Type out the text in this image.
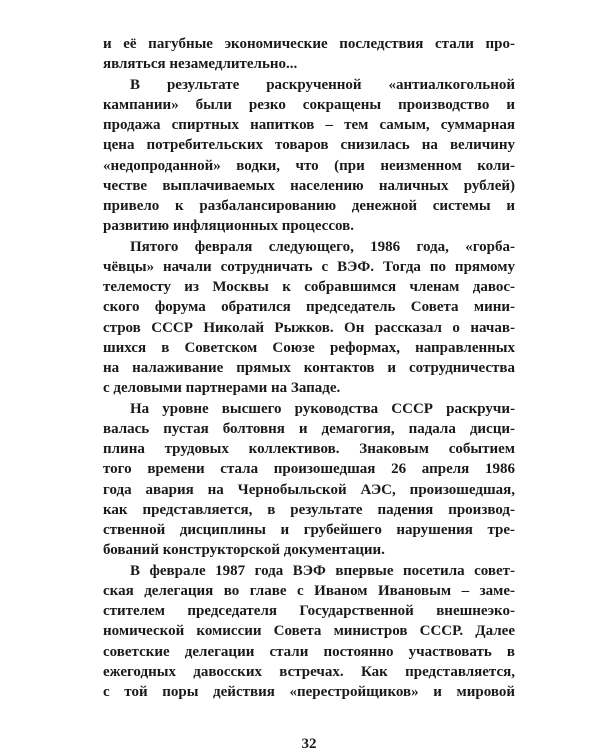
и её пагубные экономические последствия стали про-
являться незамедлительно...
В результате раскрученной «антиалкогольной
кампании» были резко сокращены производство и
продажа спиртных напитков – тем самым, суммарная
цена потребительских товаров снизилась на величину
«недопроданной» водки, что (при неизменном коли-
честве выплачиваемых населению наличных рублей)
привело к разбалансированию денежной системы и
развитию инфляционных процессов.
Пятого февраля следующего, 1986 года, «горба-
чёвцы» начали сотрудничать с ВЭФ. Тогда по прямому
телемосту из Москвы к собравшимся членам давос-
ского форума обратился председатель Совета мини-
стров СССР Николай Рыжков. Он рассказал о начав-
шихся в Советском Союзе реформах, направленных
на налаживание прямых контактов и сотрудничества
с деловыми партнерами на Западе.
На уровне высшего руководства СССР раскручи-
валась пустая болтовня и демагогия, падала дисци-
плина трудовых коллективов. Знаковым событием
того времени стала произошедшая 26 апреля 1986
года авария на Чернобыльской АЭС, произошедшая,
как представляется, в результате падения производ-
ственной дисциплины и грубейшего нарушения тре-
бований конструкторской документации.
В феврале 1987 года ВЭФ впервые посетила совет-
ская делегация во главе с Иваном Ивановым – заме-
стителем председателя Государственной внешнеэко-
номической комиссии Совета министров СССР. Далее
советские делегации стали постоянно участвовать в
ежегодных давосских встречах. Как представляется,
с той поры действия «перестройщиков» и мировой
32
